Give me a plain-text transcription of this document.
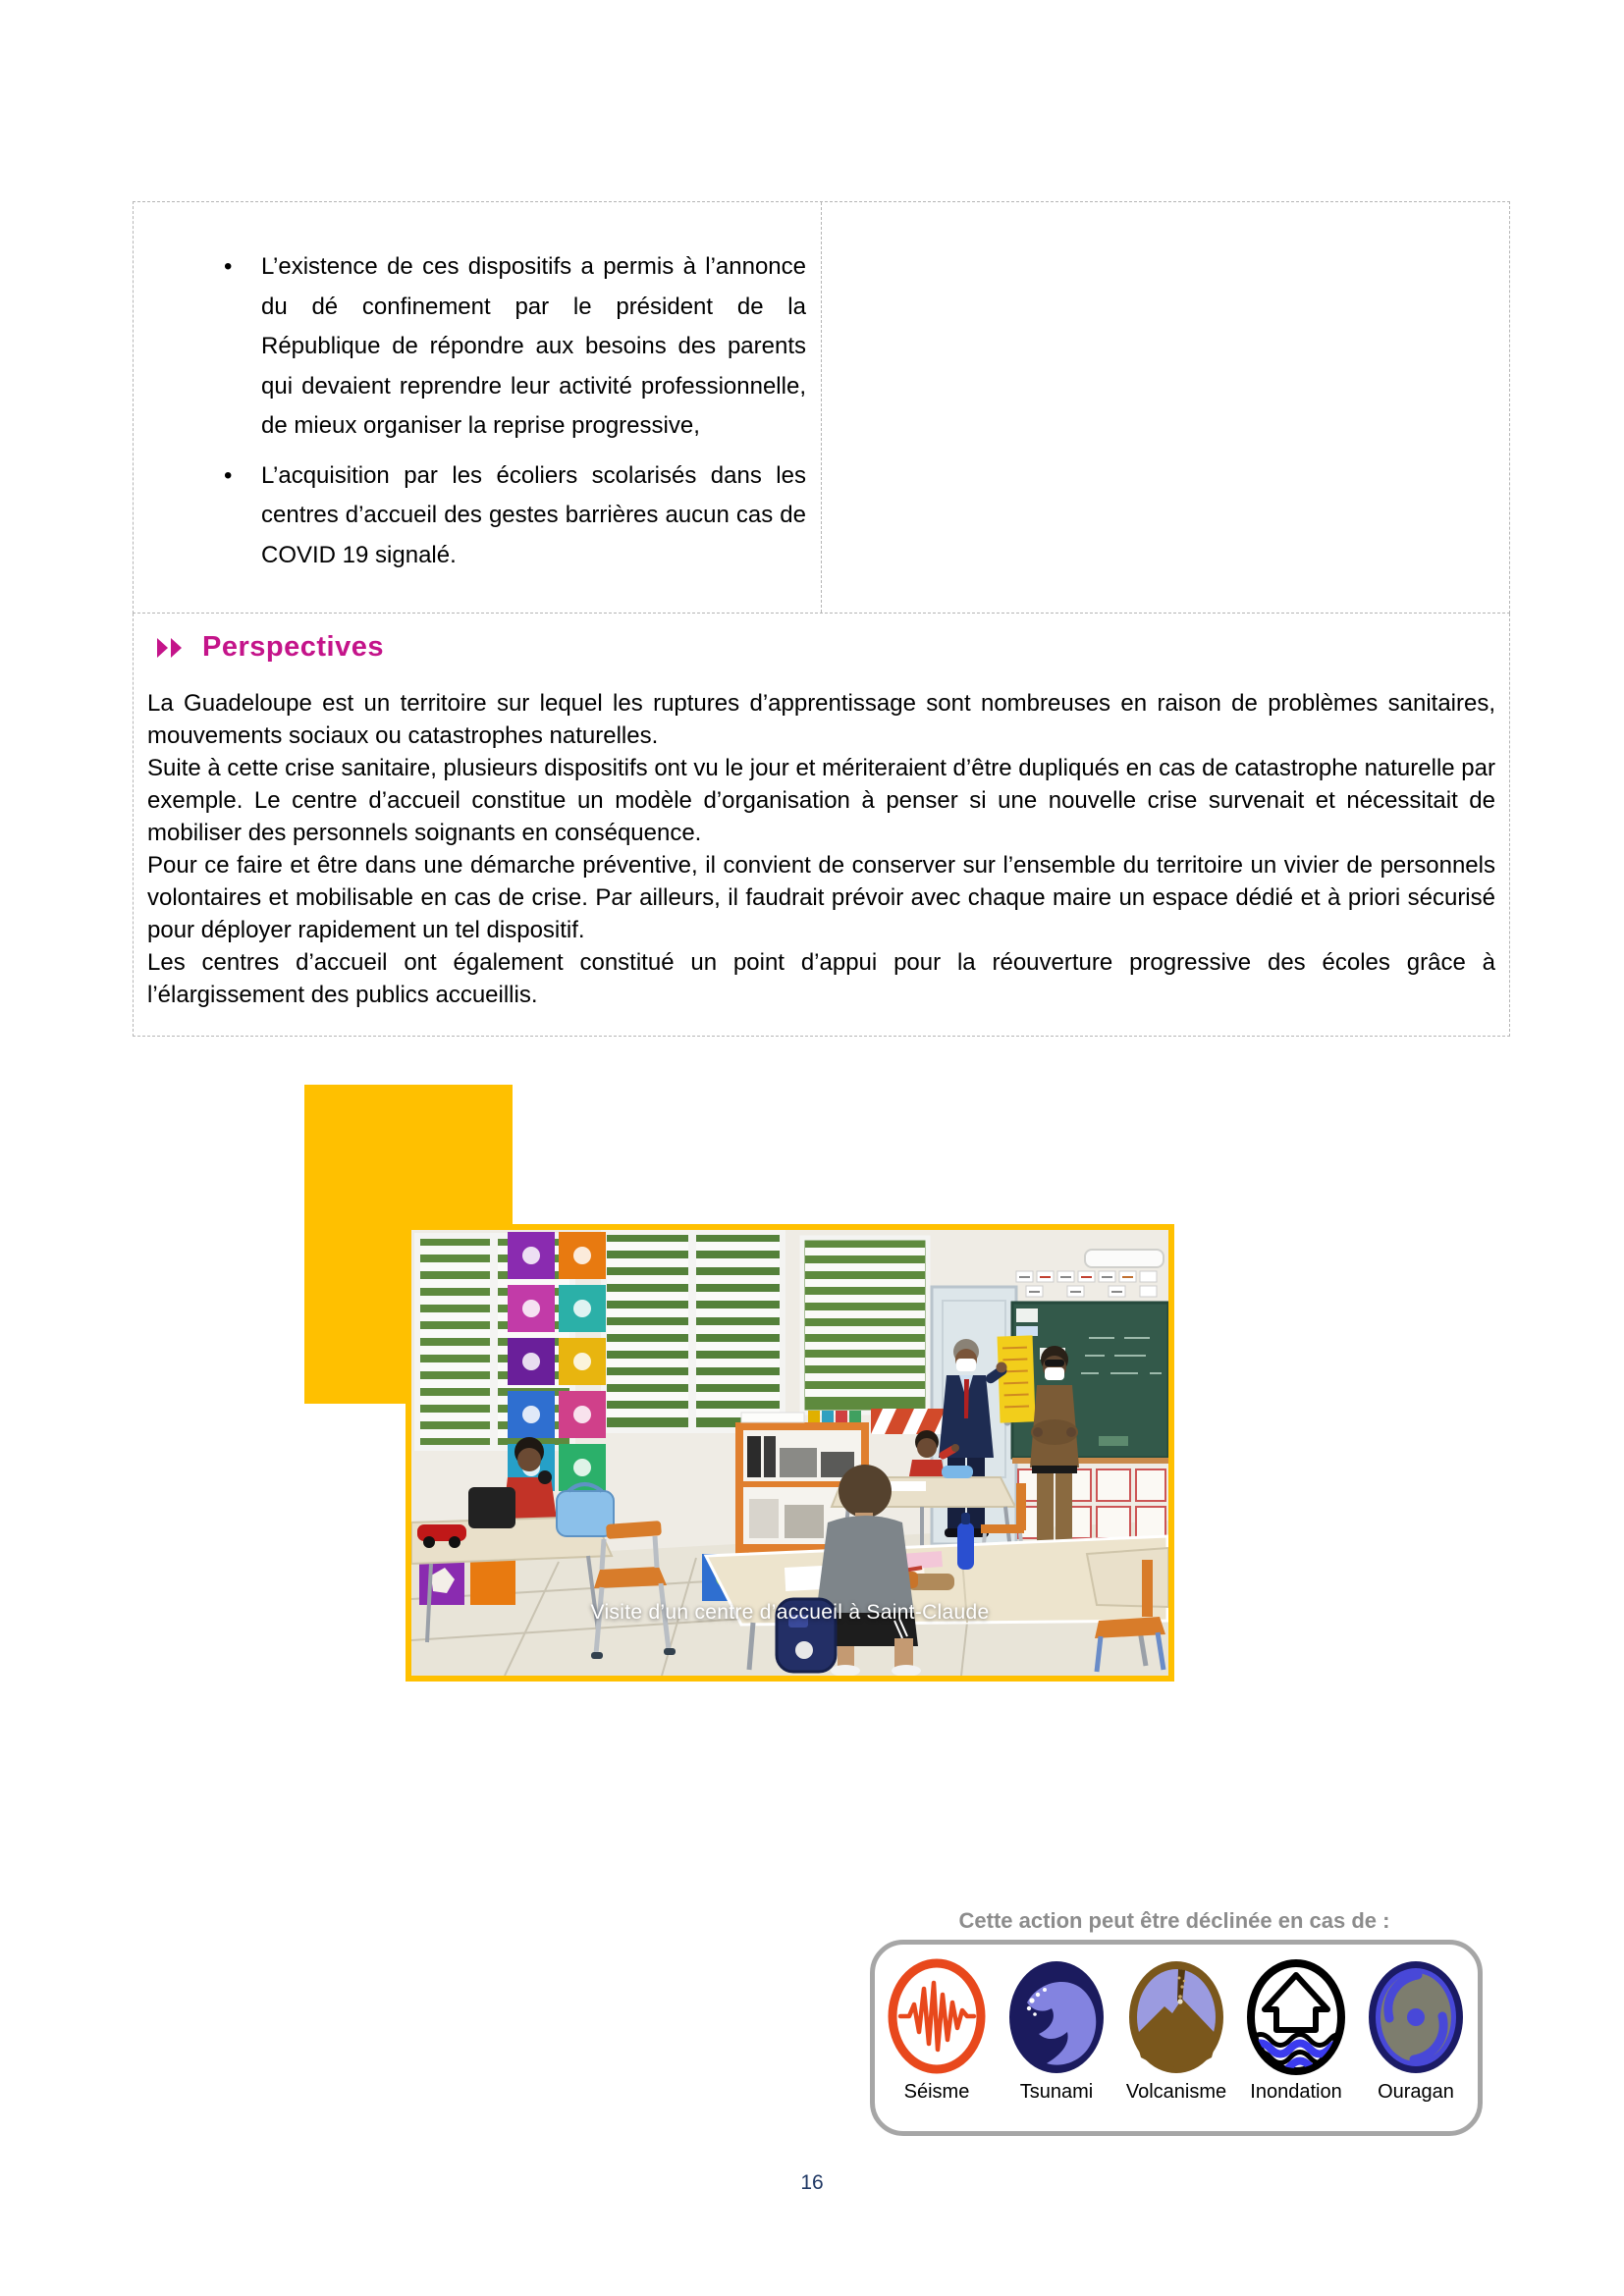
•	L’existence de ces dispositifs a permis à l’annonce du dé confinement par le président de la République de répondre aux besoins des parents qui devaient reprendre leur activité professionnelle, de mieux organiser la reprise progressive,
•	L’acquisition par les écoliers scolarisés dans les centres d’accueil des gestes barrières aucun cas de COVID 19 signalé.
Perspectives

La Guadeloupe est un territoire sur lequel les ruptures d’apprentissage sont nombreuses en raison de problèmes sanitaires, mouvements sociaux ou catastrophes naturelles.

Suite à cette crise sanitaire, plusieurs dispositifs ont vu le jour et mériteraient d’être dupliqués en cas de catastrophe naturelle par exemple. Le centre d’accueil constitue un modèle d’organisation à penser si une nouvelle crise survenait et nécessitait de mobiliser des personnels soignants en conséquence.

Pour ce faire et être dans une démarche préventive, il convient de conserver sur l’ensemble du territoire un vivier de personnels volontaires et mobilisable en cas de crise. Par ailleurs, il faudrait prévoir avec chaque maire un espace dédié et à priori sécurisé pour déployer rapidement un tel dispositif.

Les centres d’accueil ont également constitué un point d’appui pour la réouverture progressive des écoles grâce à l’élargissement des publics accueillis.

Visite d’un centre d’accueil à Saint-Claude
Cette action peut être déclinée en cas de :
Séisme	Tsunami Volcanisme Inondation Ouragan
16
